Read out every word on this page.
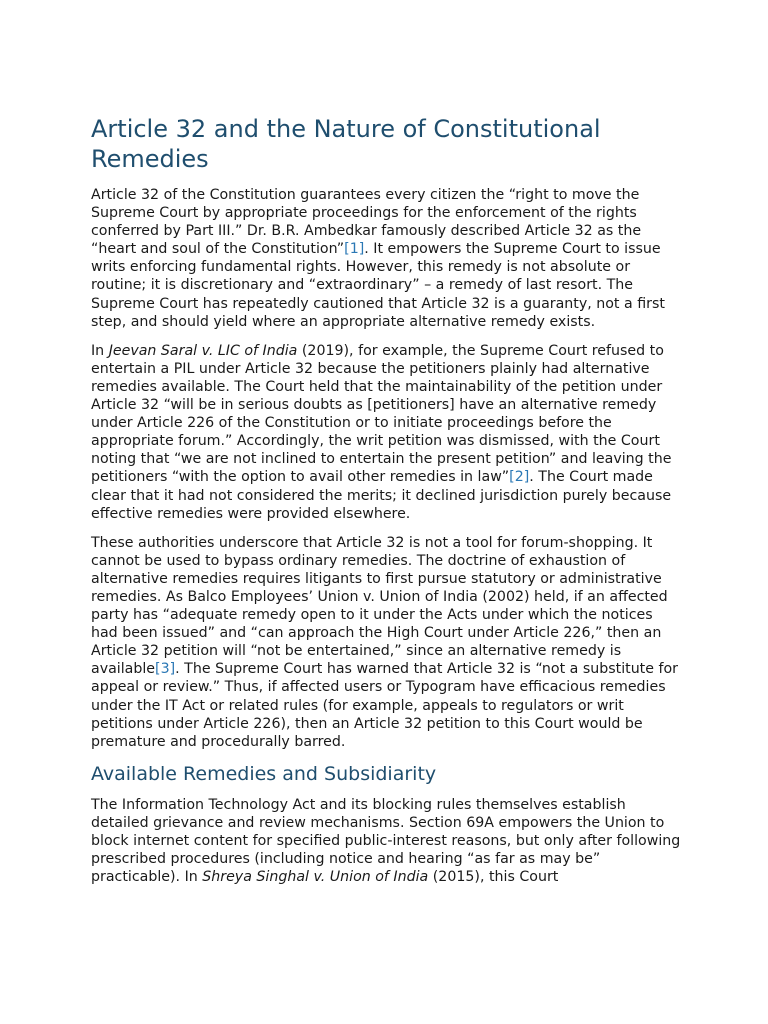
Article 32 and the Nature of Constitutional Remedies

Article 32 of the Constitution guarantees every citizen the “right to move the Supreme Court by appropriate proceedings for the enforcement of the rights conferred by Part III.” Dr. B.R. Ambedkar famously described Article 32 as the “heart and soul of the Constitution”[1]. It empowers the Supreme Court to issue writs enforcing fundamental rights. However, this remedy is not absolute or routine; it is discretionary and “extraordinary” – a remedy of last resort. The Supreme Court has repeatedly cautioned that Article 32 is a guaranty, not a first step, and should yield where an appropriate alternative remedy exists.

In Jeevan Saral v. LIC of India (2019), for example, the Supreme Court refused to entertain a PIL under Article 32 because the petitioners plainly had alternative remedies available. The Court held that the maintainability of the petition under Article 32 “will be in serious doubts as [petitioners] have an alternative remedy under Article 226 of the Constitution or to initiate proceedings before the appropriate forum.” Accordingly, the writ petition was dismissed, with the Court noting that “we are not inclined to entertain the present petition” and leaving the petitioners “with the option to avail other remedies in law”[2]. The Court made clear that it had not considered the merits; it declined jurisdiction purely because effective remedies were provided elsewhere.

These authorities underscore that Article 32 is not a tool for forum-shopping. It cannot be used to bypass ordinary remedies. The doctrine of exhaustion of alternative remedies requires litigants to first pursue statutory or administrative remedies. As Balco Employees’ Union v. Union of India (2002) held, if an affected party has “adequate remedy open to it under the Acts under which the notices had been issued” and “can approach the High Court under Article 226,” then an Article 32 petition will “not be entertained,” since an alternative remedy is available[3]. The Supreme Court has warned that Article 32 is “not a substitute for appeal or review.” Thus, if affected users or Typogram have efficacious remedies under the IT Act or related rules (for example, appeals to regulators or writ petitions under Article 226), then an Article 32 petition to this Court would be premature and procedurally barred.

Available Remedies and Subsidiarity

The Information Technology Act and its blocking rules themselves establish detailed grievance and review mechanisms. Section 69A empowers the Union to block internet content for specified public-interest reasons, but only after following prescribed procedures (including notice and hearing “as far as may be” practicable). In Shreya Singhal v. Union of India (2015), this Court
